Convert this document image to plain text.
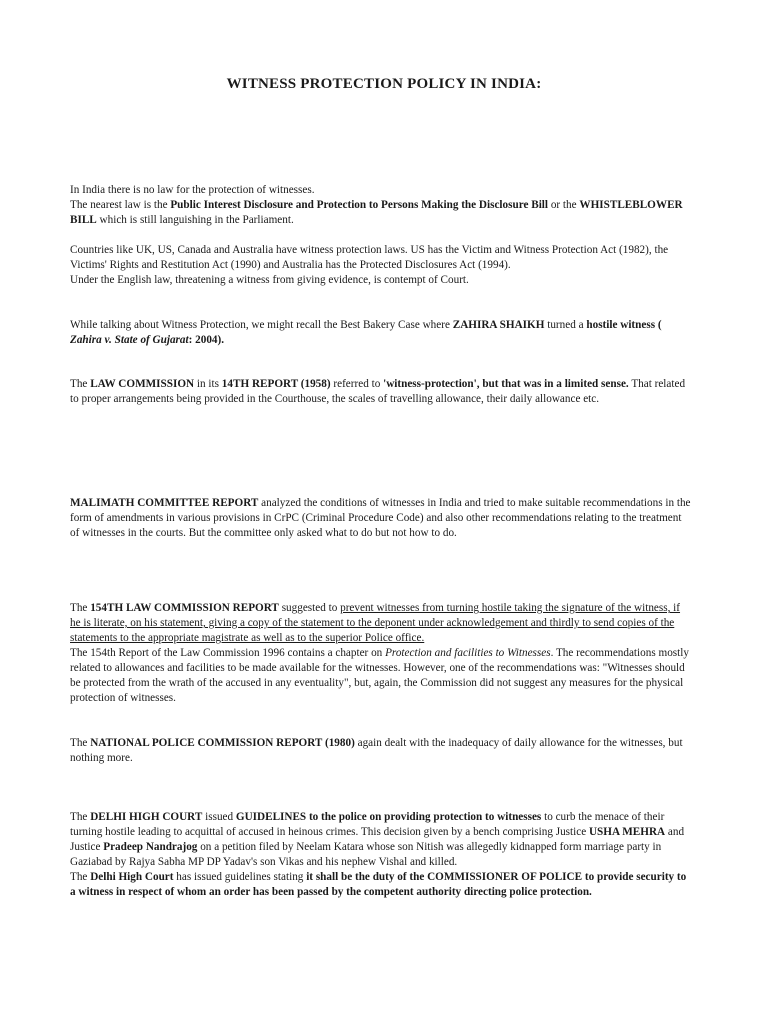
WITNESS PROTECTION POLICY IN INDIA:

In India there is no law for the protection of witnesses.
The nearest law is the Public Interest Disclosure and Protection to Persons Making the Disclosure Bill or the WHISTLEBLOWER BILL which is still languishing in the Parliament.

Countries like UK, US, Canada and Australia have witness protection laws. US has the Victim and Witness Protection Act (1982), the Victims' Rights and Restitution Act (1990) and Australia has the Protected Disclosures Act (1994).
Under the English law, threatening a witness from giving evidence, is contempt of Court.

While talking about Witness Protection, we might recall the Best Bakery Case where ZAHIRA SHAIKH turned a hostile witness ( Zahira v. State of Gujarat: 2004).

The LAW COMMISSION in its 14TH REPORT (1958) referred to 'witness-protection', but that was in a limited sense. That related to proper arrangements being provided in the Courthouse, the scales of travelling allowance, their daily allowance etc.

MALIMATH COMMITTEE REPORT analyzed the conditions of witnesses in India and tried to make suitable recommendations in the form of amendments in various provisions in CrPC (Criminal Procedure Code) and also other recommendations relating to the treatment of witnesses in the courts. But the committee only asked what to do but not how to do.

The 154TH LAW COMMISSION REPORT suggested to prevent witnesses from turning hostile taking the signature of the witness, if he is literate, on his statement, giving a copy of the statement to the deponent under acknowledgement and thirdly to send copies of the statements to the appropriate magistrate as well as to the superior Police office.
The 154th Report of the Law Commission 1996 contains a chapter on Protection and facilities to Witnesses. The recommendations mostly related to allowances and facilities to be made available for the witnesses. However, one of the recommendations was: "Witnesses should be protected from the wrath of the accused in any eventuality", but, again, the Commission did not suggest any measures for the physical protection of witnesses.

The NATIONAL POLICE COMMISSION REPORT (1980) again dealt with the inadequacy of daily allowance for the witnesses, but nothing more.

The DELHI HIGH COURT issued GUIDELINES to the police on providing protection to witnesses to curb the menace of their turning hostile leading to acquittal of accused in heinous crimes. This decision given by a bench comprising Justice USHA MEHRA and Justice Pradeep Nandrajog on a petition filed by Neelam Katara whose son Nitish was allegedly kidnapped form marriage party in Gaziabad by Rajya Sabha MP DP Yadav's son Vikas and his nephew Vishal and killed.
The Delhi High Court has issued guidelines stating it shall be the duty of the COMMISSIONER OF POLICE to provide security to a witness in respect of whom an order has been passed by the competent authority directing police protection.
